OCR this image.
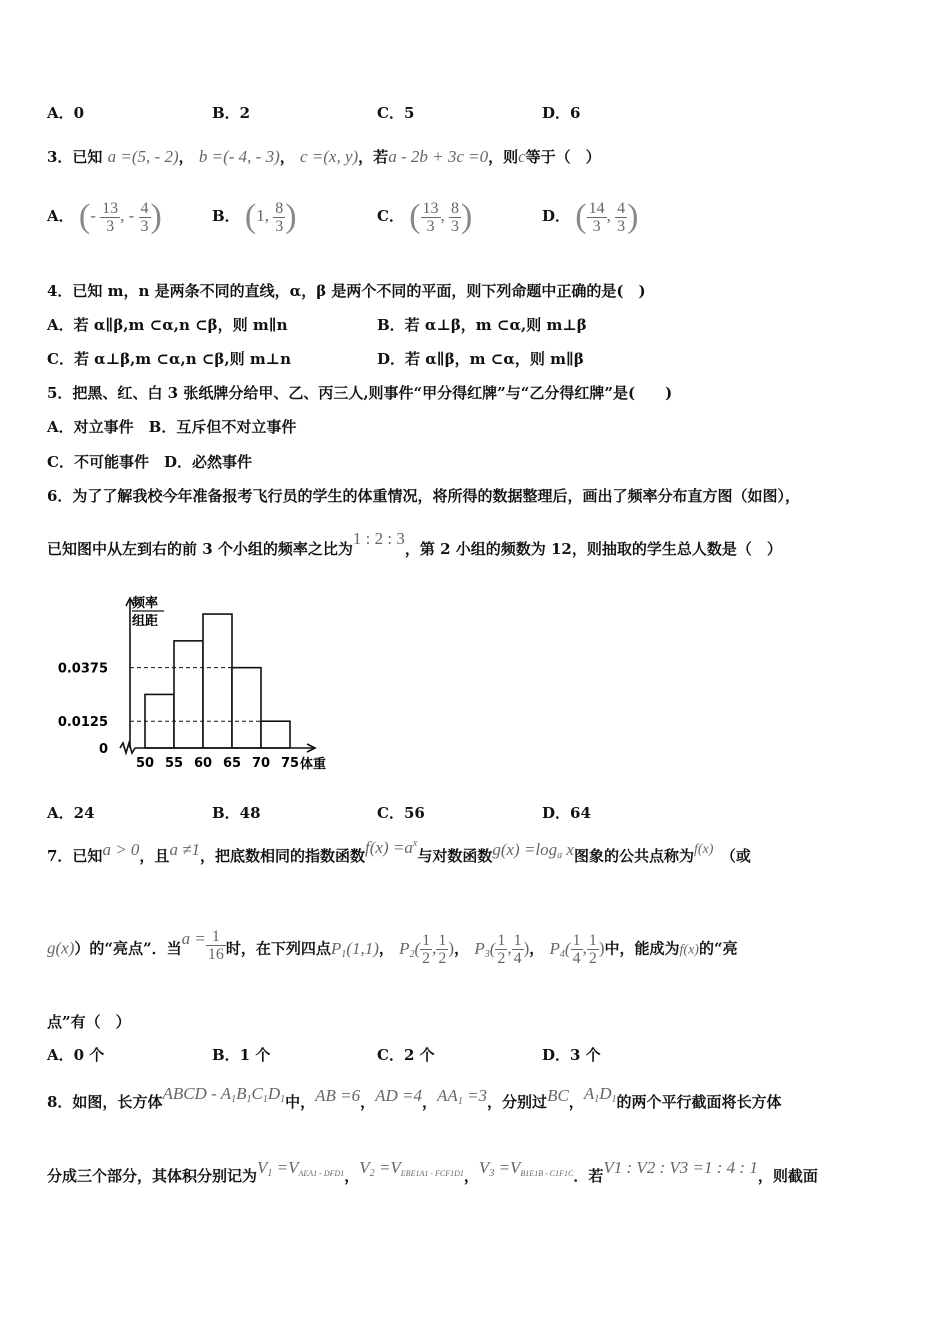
A．0	B．2	C．5	D．6
3．已知 a =(5, - 2)， b =(- 4, - 3)， c =(x, y)，若a - 2b + 3c =0，则c等于（　）
A． (- $\frac{13}{3}$ , - $\frac{4}{3}$ )	B． (1, $\frac{8}{3}$ )	C． ( $\frac{13}{3}$ , $\frac{8}{3}$ )	D． ( $\frac{14}{3}$ , $\frac{4}{3}$ )
4．已知 m，n 是两条不同的直线，α，β 是两个不同的平面，则下列命题中正确的是(　)
A．若 α∥β,m ⊂α,n ⊂β，则 m∥n	B．若 α⊥β，m ⊂α,则 m⊥β
C．若 α⊥β,m ⊂α,n ⊂β,则 m⊥n	D．若 α∥β，m ⊂α，则 m∥β
5．把黑、红、白 3 张纸牌分给甲、乙、丙三人,则事件“甲分得红牌”与“乙分得红牌”是(　　)
A．对立事件　B．互斥但不对立事件
C．不可能事件　D．必然事件
6．为了了解我校今年准备报考飞行员的学生的体重情况，将所得的数据整理后，画出了频率分布直方图（如图），
已知图中从左到右的前 3 个小组的频率之比为1 : 2 : 3，第 2 小组的频数为 12，则抽取的学生总人数是（　）
0.0125
0.0375
0
50 55 60 65 70 75 体重
频率
组距
A．24	B．48	C．56	D．64
7．已知a > 0，且a ≠1，把底数相同的指数函数$f(x) =a^x$与对数函数$g(x) =\log_a$ x图象的公共点称为f(x)　 （或
g(x)）的“亮点”．当$a = \frac{1}{16}$ 时，在下列四点$P_1(1,1)$， $P_2( \frac{1}{2}$ , $\frac{1}{2}$ )， $P_3( \frac{1}{2}$ , $\frac{1}{4}$ )， $P_4( \frac{1}{4}$ , $\frac{1}{2}$ )中，能成为f(x)的“亮
点”有（　）
A．0 个	B．1 个	C．2 个	D．3 个
8．如图，长方体ABCD - $A_1B_1C_1D_1$中，AB =6，AD =4，$AA_1 =3$，分别过BC，$A_1D_1$的两个平行截面将长方体
分成三个部分，其体积分别记为$V_1 =V_{AEA1 - DFD1}$，$V_2 =V_{EBE1A1 - FCF1D1}$，$V_3 =V_{B1E1B - C1F1C}$．若V1 : V2 : V3 =1 : 4 : 1，则截面
